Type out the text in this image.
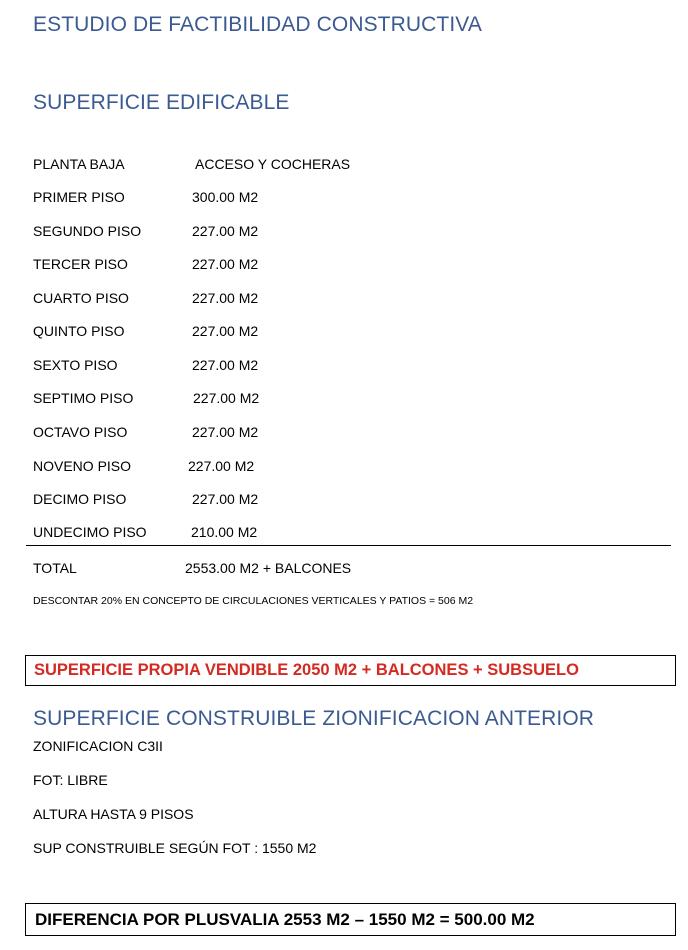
ESTUDIO DE FACTIBILIDAD CONSTRUCTIVA
SUPERFICIE EDIFICABLE
PLANTA BAJA	ACCESO Y COCHERAS
PRIMER PISO	300.00 M2
SEGUNDO PISO	227.00 M2
TERCER PISO	227.00 M2
CUARTO PISO	227.00 M2
QUINTO PISO	227.00 M2
SEXTO PISO	227.00 M2
SEPTIMO PISO	227.00 M2
OCTAVO PISO	227.00 M2
NOVENO PISO	227.00 M2
DECIMO PISO	227.00 M2
UNDECIMO PISO	210.00 M2
TOTAL	2553.00 M2 + BALCONES
DESCONTAR 20% EN CONCEPTO DE CIRCULACIONES VERTICALES Y PATIOS = 506 M2
SUPERFICIE PROPIA VENDIBLE 2050 M2 + BALCONES + SUBSUELO
SUPERFICIE CONSTRUIBLE ZIONIFICACION ANTERIOR
ZONIFICACION C3II
FOT: LIBRE
ALTURA HASTA 9 PISOS
SUP CONSTRUIBLE SEGÚN FOT : 1550 M2
DIFERENCIA POR PLUSVALIA 2553 M2 – 1550 M2 = 500.00 M2
